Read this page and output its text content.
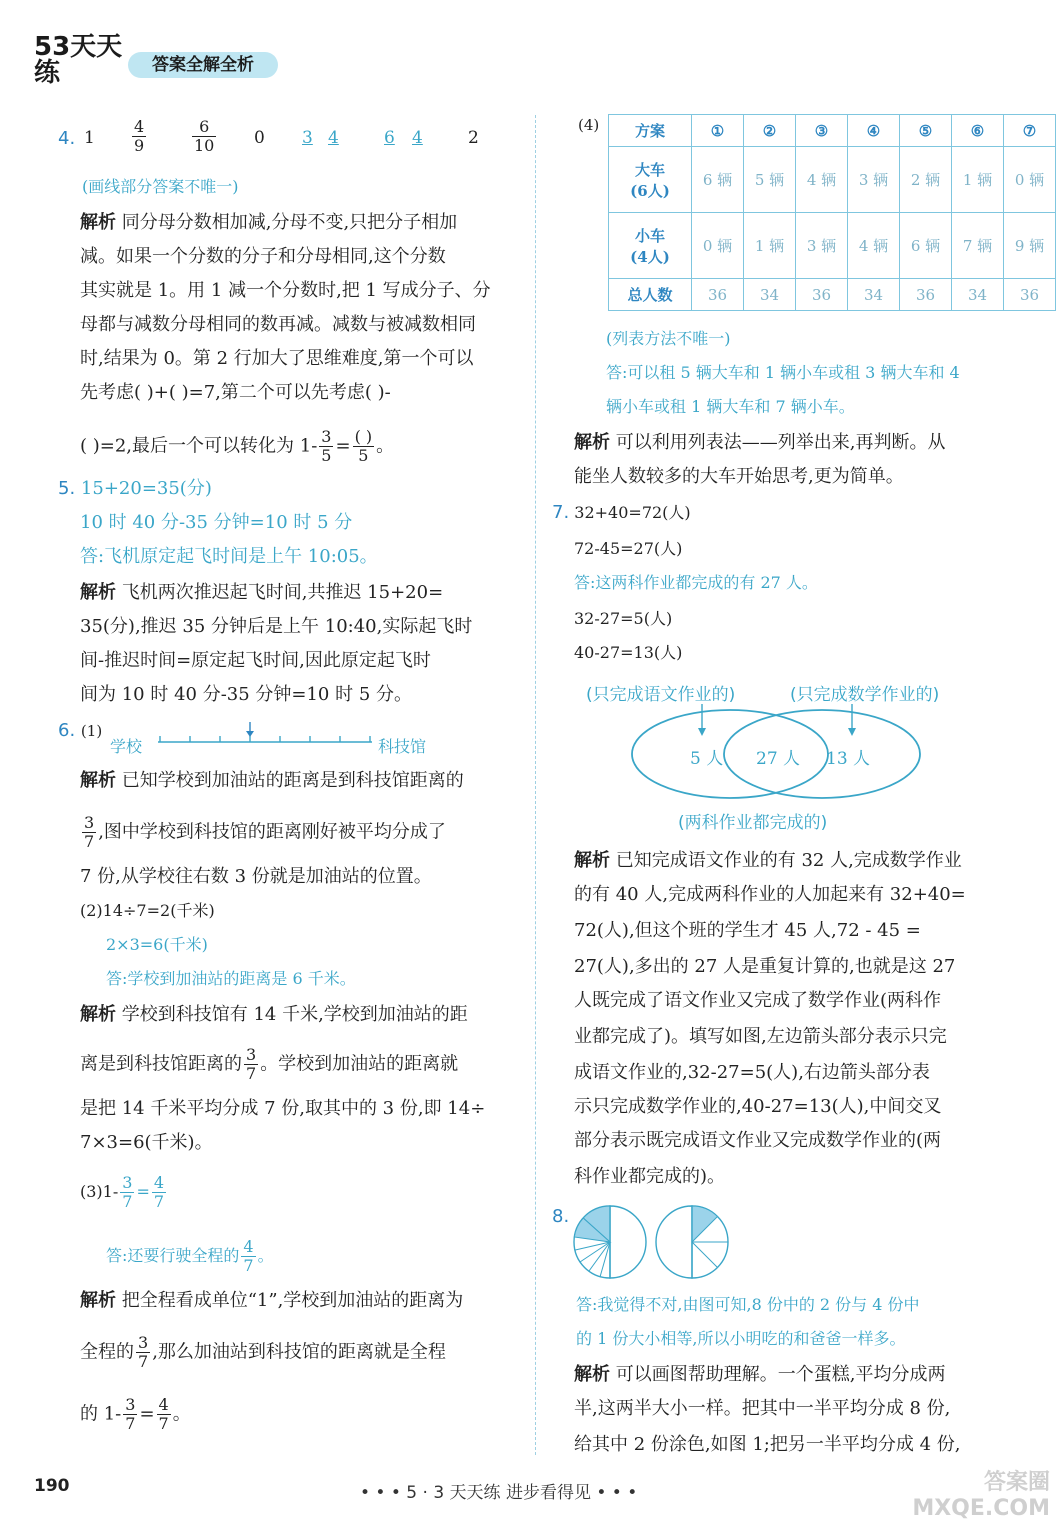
53天天练	答案全解全析
4. $1 \frac{4}{9}$	$\frac{6}{10} 0$ 3 4	6 4	2
(画线部分答案不唯一)
解析 同分母分数相加减,分母不变,只把分子相加
减。如果一个分数的分子和分母相同,这个分数
其实就是 1。用 1 减一个分数时,把 1 写成分子、分
母都与减数分母相同的数再减。减数与被减数相同
时,结果为 0。第 2 行加大了思维难度,第一个可以
先考虑( )+( )=7,第二个可以先考虑( )-
( )=2,最后一个可以转化为 $1- \frac{3}{5} = \frac{( )}{5}$ 。
5. 15+20=35(分)
10 时 40 分-35 分钟=10 时 5 分
答:飞机原定起飞时间是上午 10:05。
解析 飞机两次推迟起飞时间,共推迟 15+20=
35(分),推迟 35 分钟后是上午 10:40,实际起飞时
间-推迟时间=原定起飞时间,因此原定起飞时
间为 10 时 40 分-35 分钟=10 时 5 分。
6. (1)
学校	科技馆
解析 已知学校到加油站的距离是到科技馆距离的
$\frac{3}{7}$ ,图中学校到科技馆的距离刚好被平均分成了
7 份,从学校往右数 3 份就是加油站的位置。
(2)14÷7=2(千米)
2×3=6(千米)
答:学校到加油站的距离是 6 千米。
解析 学校到科技馆有 14 千米,学校到加油站的距
离是到科技馆距离的 $\frac{3}{7}$ 。学校到加油站的距离就
是把 14 千米平均分成 7 份,取其中的 3 份,即 14÷
7×3=6(千米)。
$(3)1- \frac{3}{7} = \frac{4}{7}$
答:还要行驶全程的 $\frac{4}{7}$ 。
解析 把全程看成单位“1”,学校到加油站的距离为
全程的 $\frac{3}{7}$ ,那么加油站到科技馆的距离就是全程
的 $1- \frac{3}{7} = \frac{4}{7}$ 。
(4) 方案	①	②	③	④	⑤	⑥	⑦
大车
(6人)	6 辆	5 辆	4 辆	3 辆	2 辆	1 辆	0 辆
小车
(4人)	0 辆	1 辆	3 辆	4 辆	6 辆	7 辆	9 辆
总人数	36	34	36	34	36	34	36
(列表方法不唯一)
答:可以租 5 辆大车和 1 辆小车或租 3 辆大车和 4
辆小车或租 1 辆大车和 7 辆小车。
解析 可以利用列表法——列举出来,再判断。从
能坐人数较多的大车开始思考,更为简单。
7. 32+40=72(人)
72-45=27(人)
答:这两科作业都完成的有 27 人。
32-27=5(人)
40-27=13(人)
(只完成语文作业的)	(只完成数学作业的)
5 人 27 人 13 人
(两科作业都完成的)
解析 已知完成语文作业的有 32 人,完成数学作业
的有 40 人,完成两科作业的人加起来有 32+40=
72(人),但这个班的学生才 45 人,72 - 45 =
27(人),多出的 27 人是重复计算的,也就是这 27
人既完成了语文作业又完成了数学作业(两科作
业都完成了)。填写如图,左边箭头部分表示只完
成语文作业的,32-27=5(人),右边箭头部分表
示只完成数学作业的,40-27=13(人),中间交叉
部分表示既完成语文作业又完成数学作业的(两
科作业都完成的)。
8.
答:我觉得不对,由图可知,8 份中的 2 份与 4 份中
的 1 份大小相等,所以小明吃的和爸爸一样多。
解析 可以画图帮助理解。一个蛋糕,平均分成两
半,这两半大小一样。把其中一半平均分成 8 份,
给其中 2 份涂色,如图 1;把另一半平均分成 4 份,
190	• • • 5 · 3 天天练 进步看得见 • • •	答案圈 MXQE.COM
